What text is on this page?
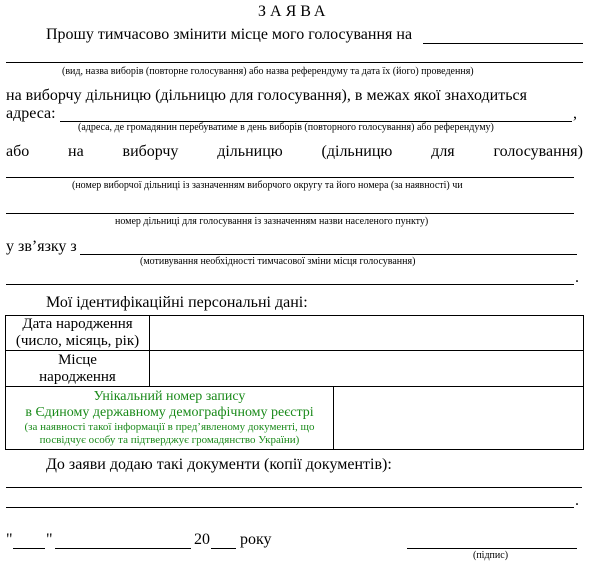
ЗАЯВА
Прошу тимчасово змінити місце мого голосування на
(вид, назва виборів (повторне голосування) або назва референдуму та дата їх (його) проведення)
на виборчу дільницю (дільницю для голосування), в межах якої знаходиться
адреса:	,
(адреса, де громадянин перебуватиме в день виборів (повторного голосування) або референдуму)
або на виборчу дільницю (дільницю для голосування)
(номер виборчої дільниці із зазначенням виборчого округу та його номера (за наявності) чи
номер дільниці для голосування із зазначенням назви населеного пункту)
у зв’язку з
(мотивування необхідності тимчасової зміни місця голосування)
.
Мої ідентифікаційні персональні дані:
Дата народження (число, місяць, рік)		

Місце народження		

Унікальний номер запису
в Єдиному державному демографічному реєстрі
(за наявності такої інформації в пред’явленому документі, що посвідчує особу та підтверджує громадянство України)		

До заяви додаю такі документи (копії документів):
.
" "	20 року
(підпис)
